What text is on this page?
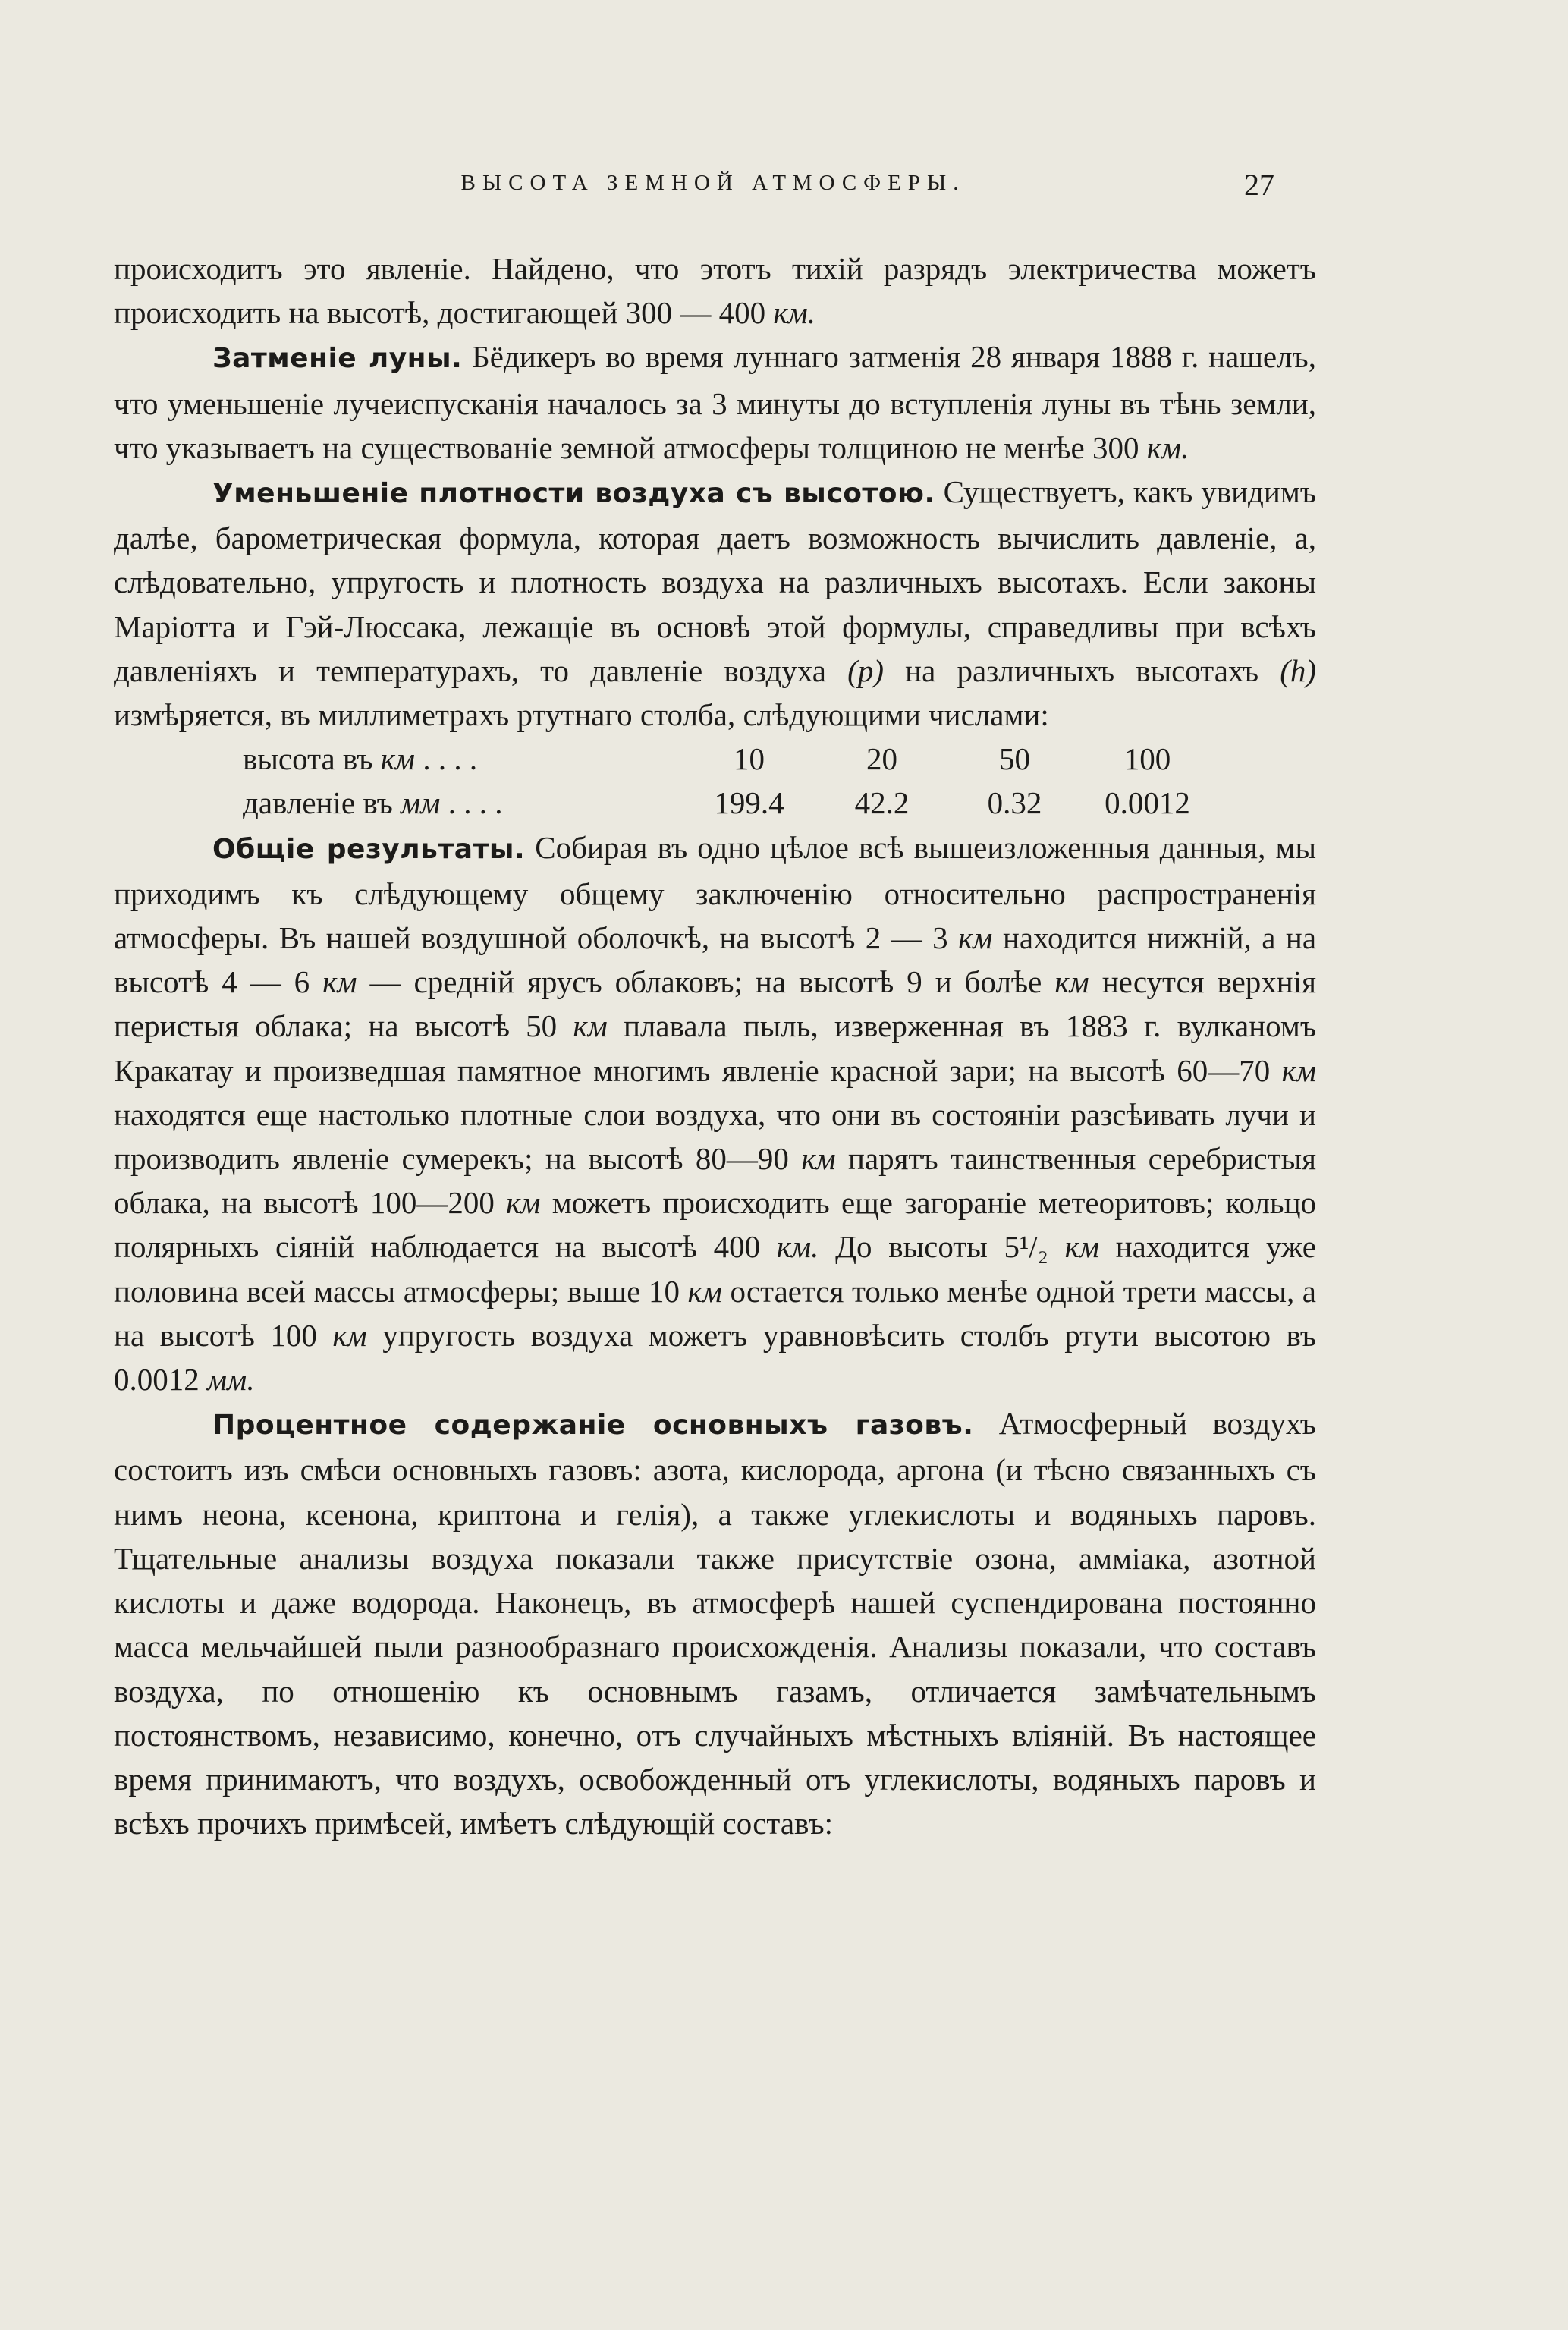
ВЫСОТА ЗЕМНОЙ АТМОСФЕРЫ.	27

происходитъ это явленіе. Найдено, что этотъ тихій разрядъ электричества можетъ происходить на высотѣ, достигающей 300 — 400 км.

Затменіе луны. Бёдикеръ во время луннаго затменія 28 января 1888 г. нашелъ, что уменьшеніе лучеиспусканія началось за 3 минуты до вступленія луны въ тѣнь земли, что указываетъ на существованіе земной атмосферы толщиною не менѣе 300 км.

Уменьшеніе плотности воздуха съ высотою. Существуетъ, какъ увидимъ далѣе, барометрическая формула, которая даетъ возможность вычислить давленіе, а, слѣдовательно, упругость и плотность воздуха на различныхъ высотахъ. Если законы Маріотта и Гэй-Люссака, лежащіе въ основѣ этой формулы, справедливы при всѣхъ давленіяхъ и температурахъ, то давленіе воздуха (p) на различныхъ высотахъ (h) измѣряется, въ миллиметрахъ ртутнаго столба, слѣдующими числами:

высота въ км . . . .	10	20	50	100
давленіе въ мм . . . .	199.4	42.2	0.32	0.0012

Общіе результаты. Собирая въ одно цѣлое всѣ вышеизложенныя данныя, мы приходимъ къ слѣдующему общему заключенію относительно распространенія атмосферы. Въ нашей воздушной оболочкѣ, на высотѣ 2 — 3 км находится нижній, а на высотѣ 4 — 6 км — средній ярусъ облаковъ; на высотѣ 9 и болѣе км несутся верхнія перистыя облака; на высотѣ 50 км плавала пыль, изверженная въ 1883 г. вулканомъ Кракатау и произведшая памятное многимъ явленіе красной зари; на высотѣ 60—70 км находятся еще настолько плотные слои воздуха, что они въ состояніи разсѣивать лучи и производить явленіе сумерекъ; на высотѣ 80—90 км парятъ таинственныя серебристыя облака, на высотѣ 100—200 км можетъ происходить еще загораніе метеоритовъ; кольцо полярныхъ сіяній наблюдается на высотѣ 400 км. До высоты 5¹/₂ км находится уже половина всей массы атмосферы; выше 10 км остается только менѣе одной трети массы, а на высотѣ 100 км упругость воздуха можетъ уравновѣсить столбъ ртути высотою въ 0.0012 мм.

Процентное содержаніе основныхъ газовъ. Атмосферный воздухъ состоитъ изъ смѣси основныхъ газовъ: азота, кислорода, аргона (и тѣсно связанныхъ съ нимъ неона, ксенона, криптона и гелія), а также углекислоты и водяныхъ паровъ. Тщательные анализы воздуха показали также присутствіе озона, амміака, азотной кислоты и даже водорода. Наконецъ, въ атмосферѣ нашей суспендирована постоянно масса мельчайшей пыли разнообразнаго происхожденія. Анализы показали, что составъ воздуха, по отношенію къ основнымъ газамъ, отличается замѣчательнымъ постоянствомъ, независимо, конечно, отъ случайныхъ мѣстныхъ вліяній. Въ настоящее время принимаютъ, что воздухъ, освобожденный отъ углекислоты, водяныхъ паровъ и всѣхъ прочихъ примѣсей, имѣетъ слѣдующій составъ:
